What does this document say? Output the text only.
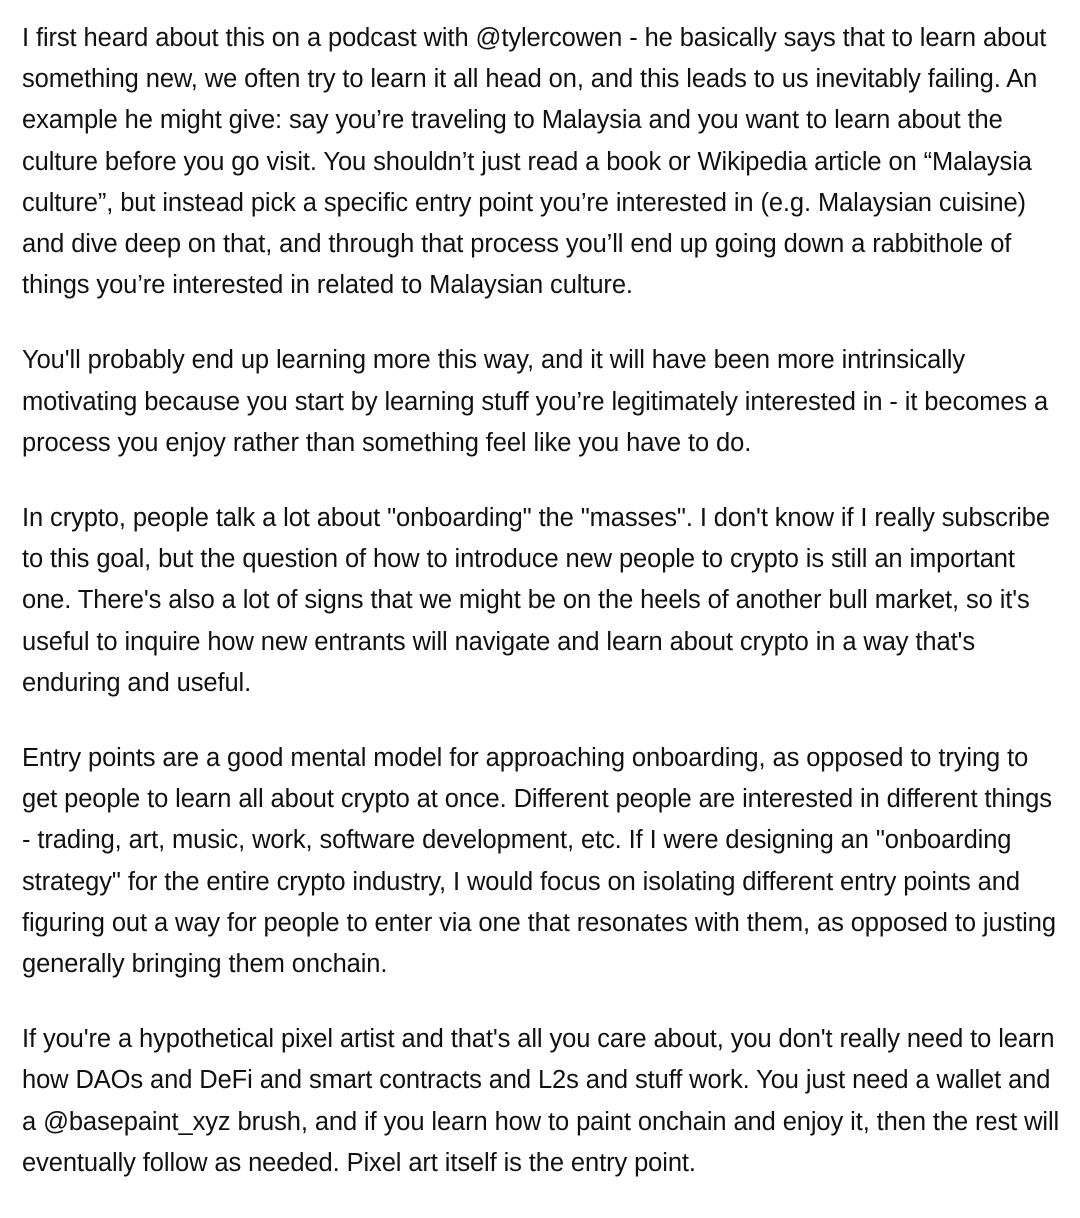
I first heard about this on a podcast with @tylercowen - he basically says that to learn about something new, we often try to learn it all head on, and this leads to us inevitably failing. An example he might give: say you’re traveling to Malaysia and you want to learn about the culture before you go visit. You shouldn’t just read a book or Wikipedia article on “Malaysia culture”, but instead pick a specific entry point you’re interested in (e.g. Malaysian cuisine) and dive deep on that, and through that process you’ll end up going down a rabbithole of things you’re interested in related to Malaysian culture.

You'll probably end up learning more this way, and it will have been more intrinsically motivating because you start by learning stuff you’re legitimately interested in - it becomes a process you enjoy rather than something feel like you have to do.

In crypto, people talk a lot about "onboarding" the "masses". I don't know if I really subscribe to this goal, but the question of how to introduce new people to crypto is still an important one. There's also a lot of signs that we might be on the heels of another bull market, so it's useful to inquire how new entrants will navigate and learn about crypto in a way that's enduring and useful.

Entry points are a good mental model for approaching onboarding, as opposed to trying to get people to learn all about crypto at once. Different people are interested in different things - trading, art, music, work, software development, etc. If I were designing an "onboarding strategy" for the entire crypto industry, I would focus on isolating different entry points and figuring out a way for people to enter via one that resonates with them, as opposed to justing generally bringing them onchain.

If you're a hypothetical pixel artist and that's all you care about, you don't really need to learn how DAOs and DeFi and smart contracts and L2s and stuff work. You just need a wallet and a @basepaint_xyz brush, and if you learn how to paint onchain and enjoy it, then the rest will eventually follow as needed. Pixel art itself is the entry point.
